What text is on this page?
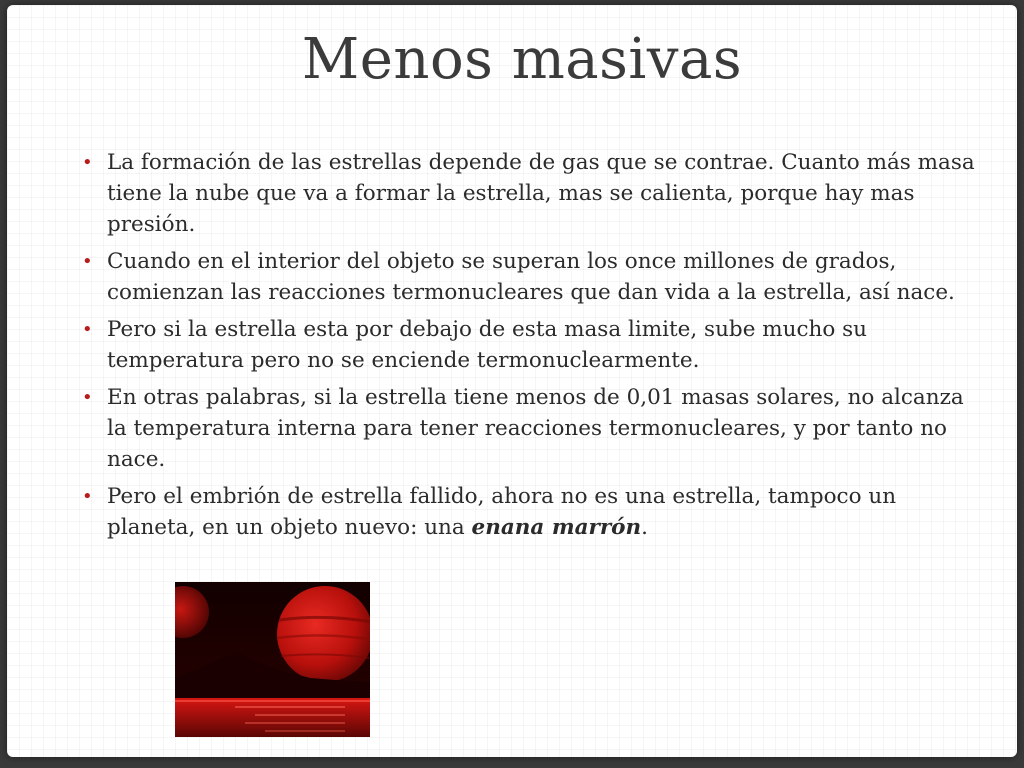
Menos masivas
• La formación de las estrellas depende de gas que se contrae. Cuanto más masa tiene la nube que va a formar la estrella, mas se calienta, porque hay mas presión.
• Cuando en el interior del objeto se superan los once millones de grados, comienzan las reacciones termonucleares que dan vida a la estrella, así nace.
• Pero si la estrella esta por debajo de esta masa limite, sube mucho su temperatura pero no se enciende termonuclearmente.
• En otras palabras, si la estrella tiene menos de 0,01 masas solares, no alcanza la temperatura interna para tener reacciones termonucleares, y por tanto no nace.
• Pero el embrión de estrella fallido, ahora no es una estrella, tampoco un planeta, en un objeto nuevo: una enana marrón.
